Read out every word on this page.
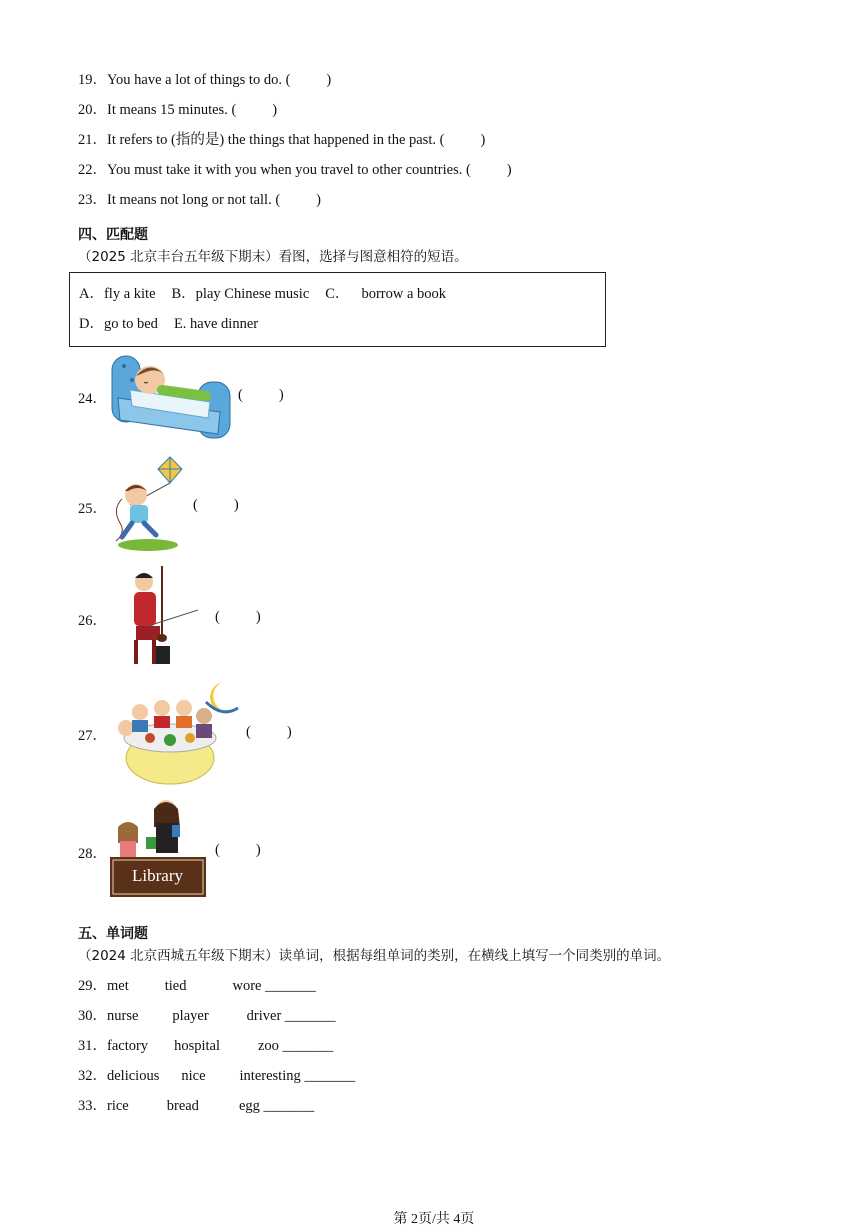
19．You have a lot of things to do. ( )
20．It means 15 minutes. ( )
21．It refers to (指的是) the things that happened in the past. ( )
22．You must take it with you when you travel to other countries. ( )
23．It means not long or not tall. ( )
四、匹配题
（2025 北京丰台五年级下期末）看图，选择与图意相符的短语。
A．fly a kite B．play Chinese music C． borrow a book
D．go to bed E. have dinner
24．	( )
25．	( )
26．	( )
27．	( )
28．
Library
( )
五、单词题
（2024 北京西城五年级下期末）读单词，根据每组单词的类别，在横线上填写一个同类别的单词。
29．met tied	wore _______
30．nurse player	driver _______
31．factory hospital	zoo _______
32．delicious nice interesting _______
33．rice	bread	egg _______
第 2页/共 4页
